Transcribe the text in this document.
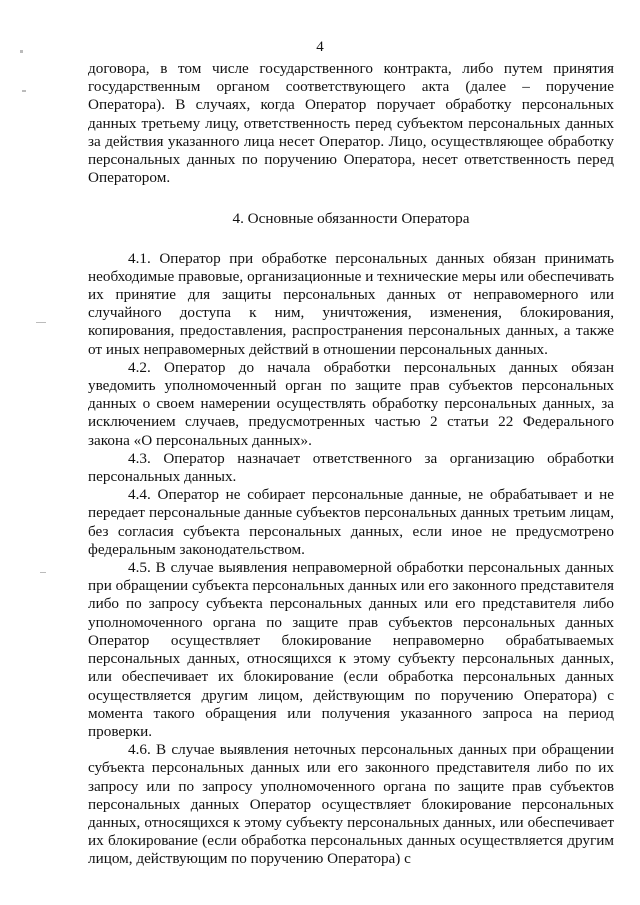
4

договора, в том числе государственного контракта, либо путем принятия государственным органом соответствующего акта (далее – поручение Оператора). В случаях, когда Оператор поручает обработку персональных данных третьему лицу, ответственность перед субъектом персональных данных за действия указанного лица несет Оператор. Лицо, осуществляющее обработку персональных данных по поручению Оператора, несет ответственность перед Оператором.

4. Основные обязанности Оператора

4.1. Оператор при обработке персональных данных обязан принимать необходимые правовые, организационные и технические меры или обеспечивать их принятие для защиты персональных данных от неправомерного или случайного доступа к ним, уничтожения, изменения, блокирования, копирования, предоставления, распространения персональных данных, а также от иных неправомерных действий в отношении персональных данных.

4.2. Оператор до начала обработки персональных данных обязан уведомить уполномоченный орган по защите прав субъектов персональных данных о своем намерении осуществлять обработку персональных данных, за исключением случаев, предусмотренных частью 2 статьи 22 Федерального закона «О персональных данных».

4.3. Оператор назначает ответственного за организацию обработки персональных данных.

4.4. Оператор не собирает персональные данные, не обрабатывает и не передает персональные данные субъектов персональных данных третьим лицам, без согласия субъекта персональных данных, если иное не предусмотрено федеральным законодательством.

4.5. В случае выявления неправомерной обработки персональных данных при обращении субъекта персональных данных или его законного представителя либо по запросу субъекта персональных данных или его представителя либо уполномоченного органа по защите прав субъектов персональных данных Оператор осуществляет блокирование неправомерно обрабатываемых персональных данных, относящихся к этому субъекту персональных данных, или обеспечивает их блокирование (если обработка персональных данных осуществляется другим лицом, действующим по поручению Оператора) с момента такого обращения или получения указанного запроса на период проверки.

4.6. В случае выявления неточных персональных данных при обращении субъекта персональных данных или его законного представителя либо по их запросу или по запросу уполномоченного органа по защите прав субъектов персональных данных Оператор осуществляет блокирование персональных данных, относящихся к этому субъекту персональных данных, или обеспечивает их блокирование (если обработка персональных данных осуществляется другим лицом, действующим по поручению Оператора) с
